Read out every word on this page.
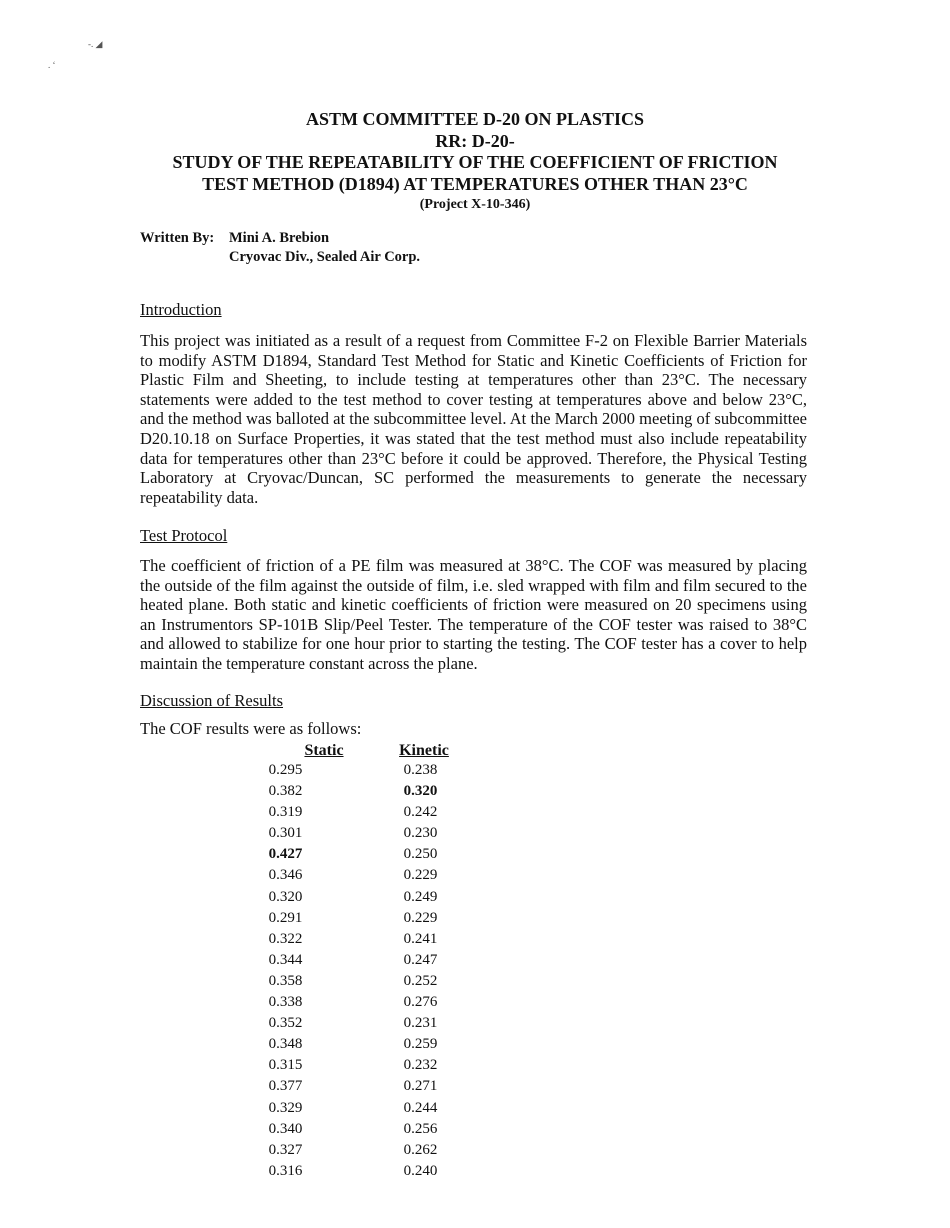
-. ◢
. ‘
ASTM COMMITTEE D-20 ON PLASTICS
RR: D-20-
STUDY OF THE REPEATABILITY OF THE COEFFICIENT OF FRICTION
TEST METHOD (D1894) AT TEMPERATURES OTHER THAN 23°C
(Project X-10-346)
Written By:	Mini A. Brebion
Cryovac Div., Sealed Air Corp.
Introduction
This project was initiated as a result of a request from Committee F-2 on Flexible Barrier Materials to modify ASTM D1894, Standard Test Method for Static and Kinetic Coefficients of Friction for Plastic Film and Sheeting, to include testing at temperatures other than 23°C. The necessary statements were added to the test method to cover testing at temperatures above and below 23°C, and the method was balloted at the subcommittee level. At the March 2000 meeting of subcommittee D20.10.18 on Surface Properties, it was stated that the test method must also include repeatability data for temperatures other than 23°C before it could be approved. Therefore, the Physical Testing Laboratory at Cryovac/Duncan, SC performed the measurements to generate the necessary repeatability data.
Test Protocol
The coefficient of friction of a PE film was measured at 38°C. The COF was measured by placing the outside of the film against the outside of film, i.e. sled wrapped with film and film secured to the heated plane. Both static and kinetic coefficients of friction were measured on 20 specimens using an Instrumentors SP-101B Slip/Peel Tester. The temperature of the COF tester was raised to 38°C and allowed to stabilize for one hour prior to starting the testing. The COF tester has a cover to help maintain the temperature constant across the plane.
Discussion of Results
The COF results were as follows:
Static	Kinetic
0.295	0.238
0.382	0.320
0.319	0.242
0.301	0.230
0.427	0.250
0.346	0.229
0.320	0.249
0.291	0.229
0.322	0.241
0.344	0.247
0.358	0.252
0.338	0.276
0.352	0.231
0.348	0.259
0.315	0.232
0.377	0.271
0.329	0.244
0.340	0.256
0.327	0.262
0.316	0.240
